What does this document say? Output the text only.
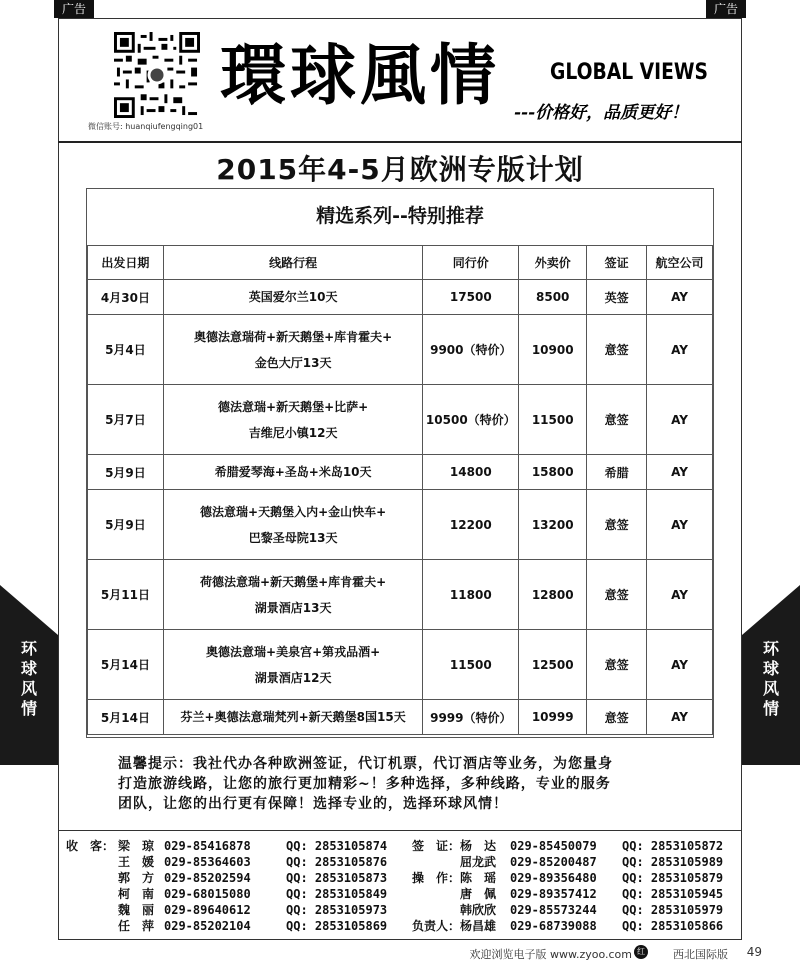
广告	广告
微信账号: huanqiufengqing01
環球風情 GLOBAL VIEWS
---价格好，品质更好！
2015年4-5月欧洲专版计划
精选系列--特别推荐
出发日期	线路行程	同行价	外卖价	签证	航空公司
4月30日	英国爱尔兰10天	17500	8500	英签	AY
5月4日	奥德法意瑞荷+新天鹅堡+库肯霍夫+
金色大厅13天	9900（特价）	10900	意签	AY
5月7日	德法意瑞+新天鹅堡+比萨+
吉维尼小镇12天	10500（特价）	11500	意签	AY
5月9日	希腊爱琴海+圣岛+米岛10天	14800	15800	希腊	AY
5月9日	德法意瑞+天鹅堡入内+金山快车+
巴黎圣母院13天	12200	13200	意签	AY
5月11日	荷德法意瑞+新天鹅堡+库肯霍夫+
湖景酒店13天	11800	12800	意签	AY
5月14日	奥德法意瑞+美泉宫+第戎品酒+
湖景酒店12天	11500	12500	意签	AY
5月14日	芬兰+奥德法意瑞梵列+新天鹅堡8国15天	9999（特价）	10999	意签	AY
环
球
风
情
环
球
风
情
温馨提示：我社代办各种欧洲签证，代订机票，代订酒店等业务，为您量身
打造旅游线路，让您的旅行更加精彩~！多种选择，多种线路，专业的服务
团队，让您的出行更有保障！选择专业的，选择环球风情！
收　客： 梁　琼 029-85416878	QQ: 2853105874 签　证： 杨　达 029-85450079 QQ: 2853105872
王　媛 029-85364603	QQ: 2853105876	屈龙武 029-85200487 QQ: 2853105989
郭　方 029-85202594	QQ: 2853105873 操　作： 陈　瑶 029-89356480 QQ: 2853105879
柯　南 029-68015080	QQ: 2853105849	唐　佩 029-89357412 QQ: 2853105945
魏　丽 029-89640612	QQ: 2853105973	韩欣欣 029-85573244 QQ: 2853105979
任　萍 029-85202104	QQ: 2853105869 负责人： 杨昌雄 029-68739088 QQ: 2853105866
欢迎浏览电子版 www.zyoo.com 红	西北国际版 49
